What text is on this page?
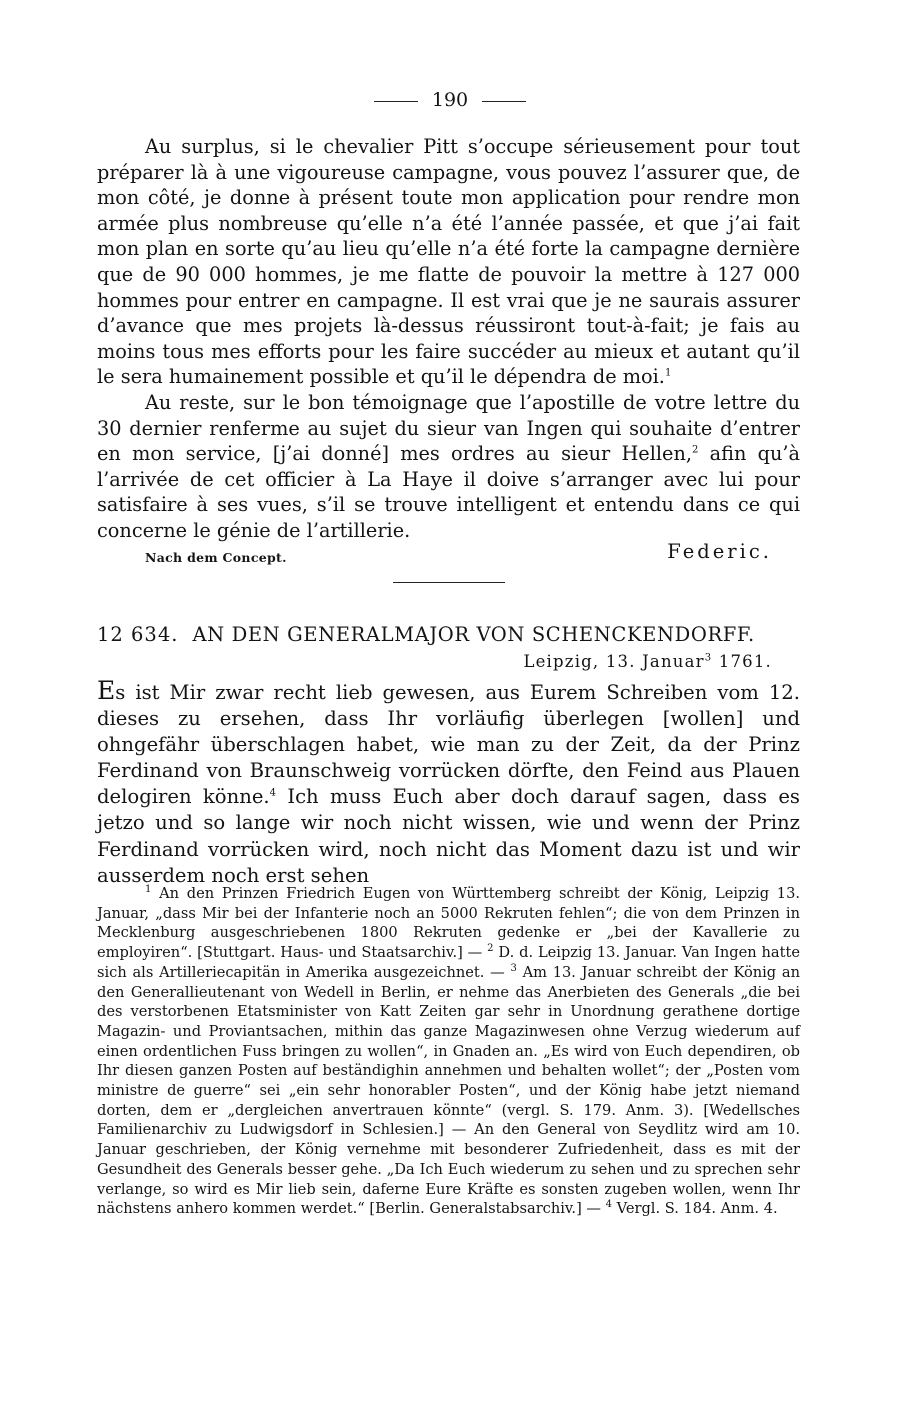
190

Au surplus, si le chevalier Pitt s’occupe sérieusement pour tout préparer là à une vigoureuse campagne, vous pouvez l’assurer que, de mon côté, je donne à présent toute mon application pour rendre mon armée plus nombreuse qu’elle n’a été l’année passée, et que j’ai fait mon plan en sorte qu’au lieu qu’elle n’a été forte la campagne dernière que de 90 000 hommes, je me flatte de pouvoir la mettre à 127 000 hommes pour entrer en campagne. Il est vrai que je ne saurais assurer d’avance que mes projets là-dessus réussiront tout-à-fait; je fais au moins tous mes efforts pour les faire succéder au mieux et autant qu’il le sera humainement possible et qu’il le dépendra de moi.$^1$

Au reste, sur le bon témoignage que l’apostille de votre lettre du 30 dernier renferme au sujet du sieur van Ingen qui souhaite d’entrer en mon service, [j’ai donné] mes ordres au sieur Hellen,$^2$ afin qu’à l’arrivée de cet officier à La Haye il doive s’arranger avec lui pour satisfaire à ses vues, s’il se trouve intelligent et entendu dans ce qui concerne le génie de l’artillerie.

Nach dem Concept.	Federic.
12 634. AN DEN GENERALMAJOR VON SCHENCKENDORFF.
Leipzig, 13. Januar$^3$ 1761.

Es ist Mir zwar recht lieb gewesen, aus Eurem Schreiben vom 12. dieses zu ersehen, dass Ihr vorläufig überlegen [wollen] und ohngefähr überschlagen habet, wie man zu der Zeit, da der Prinz Ferdinand von Braunschweig vorrücken dörfte, den Feind aus Plauen delogiren könne.$^4$ Ich muss Euch aber doch darauf sagen, dass es jetzo und so lange wir noch nicht wissen, wie und wenn der Prinz Ferdinand vorrücken wird, noch nicht das Moment dazu ist und wir ausserdem noch erst sehen

$^1$ An den Prinzen Friedrich Eugen von Württemberg schreibt der König, Leipzig 13. Januar, „dass Mir bei der Infanterie noch an 5000 Rekruten fehlen“; die von dem Prinzen in Mecklenburg ausgeschriebenen 1800 Rekruten gedenke er „bei der Kavallerie zu employiren“. [Stuttgart. Haus- und Staatsarchiv.] — $^2$ D. d. Leipzig 13. Januar. Van Ingen hatte sich als Artilleriecapitän in Amerika ausgezeichnet. — $^3$ Am 13. Januar schreibt der König an den Generallieutenant von Wedell in Berlin, er nehme das Anerbieten des Generals „die bei des verstorbenen Etatsminister von Katt Zeiten gar sehr in Unordnung gerathene dortige Magazin- und Proviantsachen, mithin das ganze Magazinwesen ohne Verzug wiederum auf einen ordentlichen Fuss bringen zu wollen“, in Gnaden an. „Es wird von Euch dependiren, ob Ihr diesen ganzen Posten auf beständighin annehmen und behalten wollet“; der „Posten vom ministre de guerre“ sei „ein sehr honorabler Posten“, und der König habe jetzt niemand dorten, dem er „dergleichen anvertrauen könnte“ (vergl. S. 179. Anm. 3). [Wedellsches Familienarchiv zu Ludwigsdorf in Schlesien.] — An den General von Seydlitz wird am 10. Januar geschrieben, der König vernehme mit besonderer Zufriedenheit, dass es mit der Gesundheit des Generals besser gehe. „Da Ich Euch wiederum zu sehen und zu sprechen sehr verlange, so wird es Mir lieb sein, daferne Eure Kräfte es sonsten zugeben wollen, wenn Ihr nächstens anhero kommen werdet.“ [Berlin. Generalstabsarchiv.] — $^4$ Vergl. S. 184. Anm. 4.
